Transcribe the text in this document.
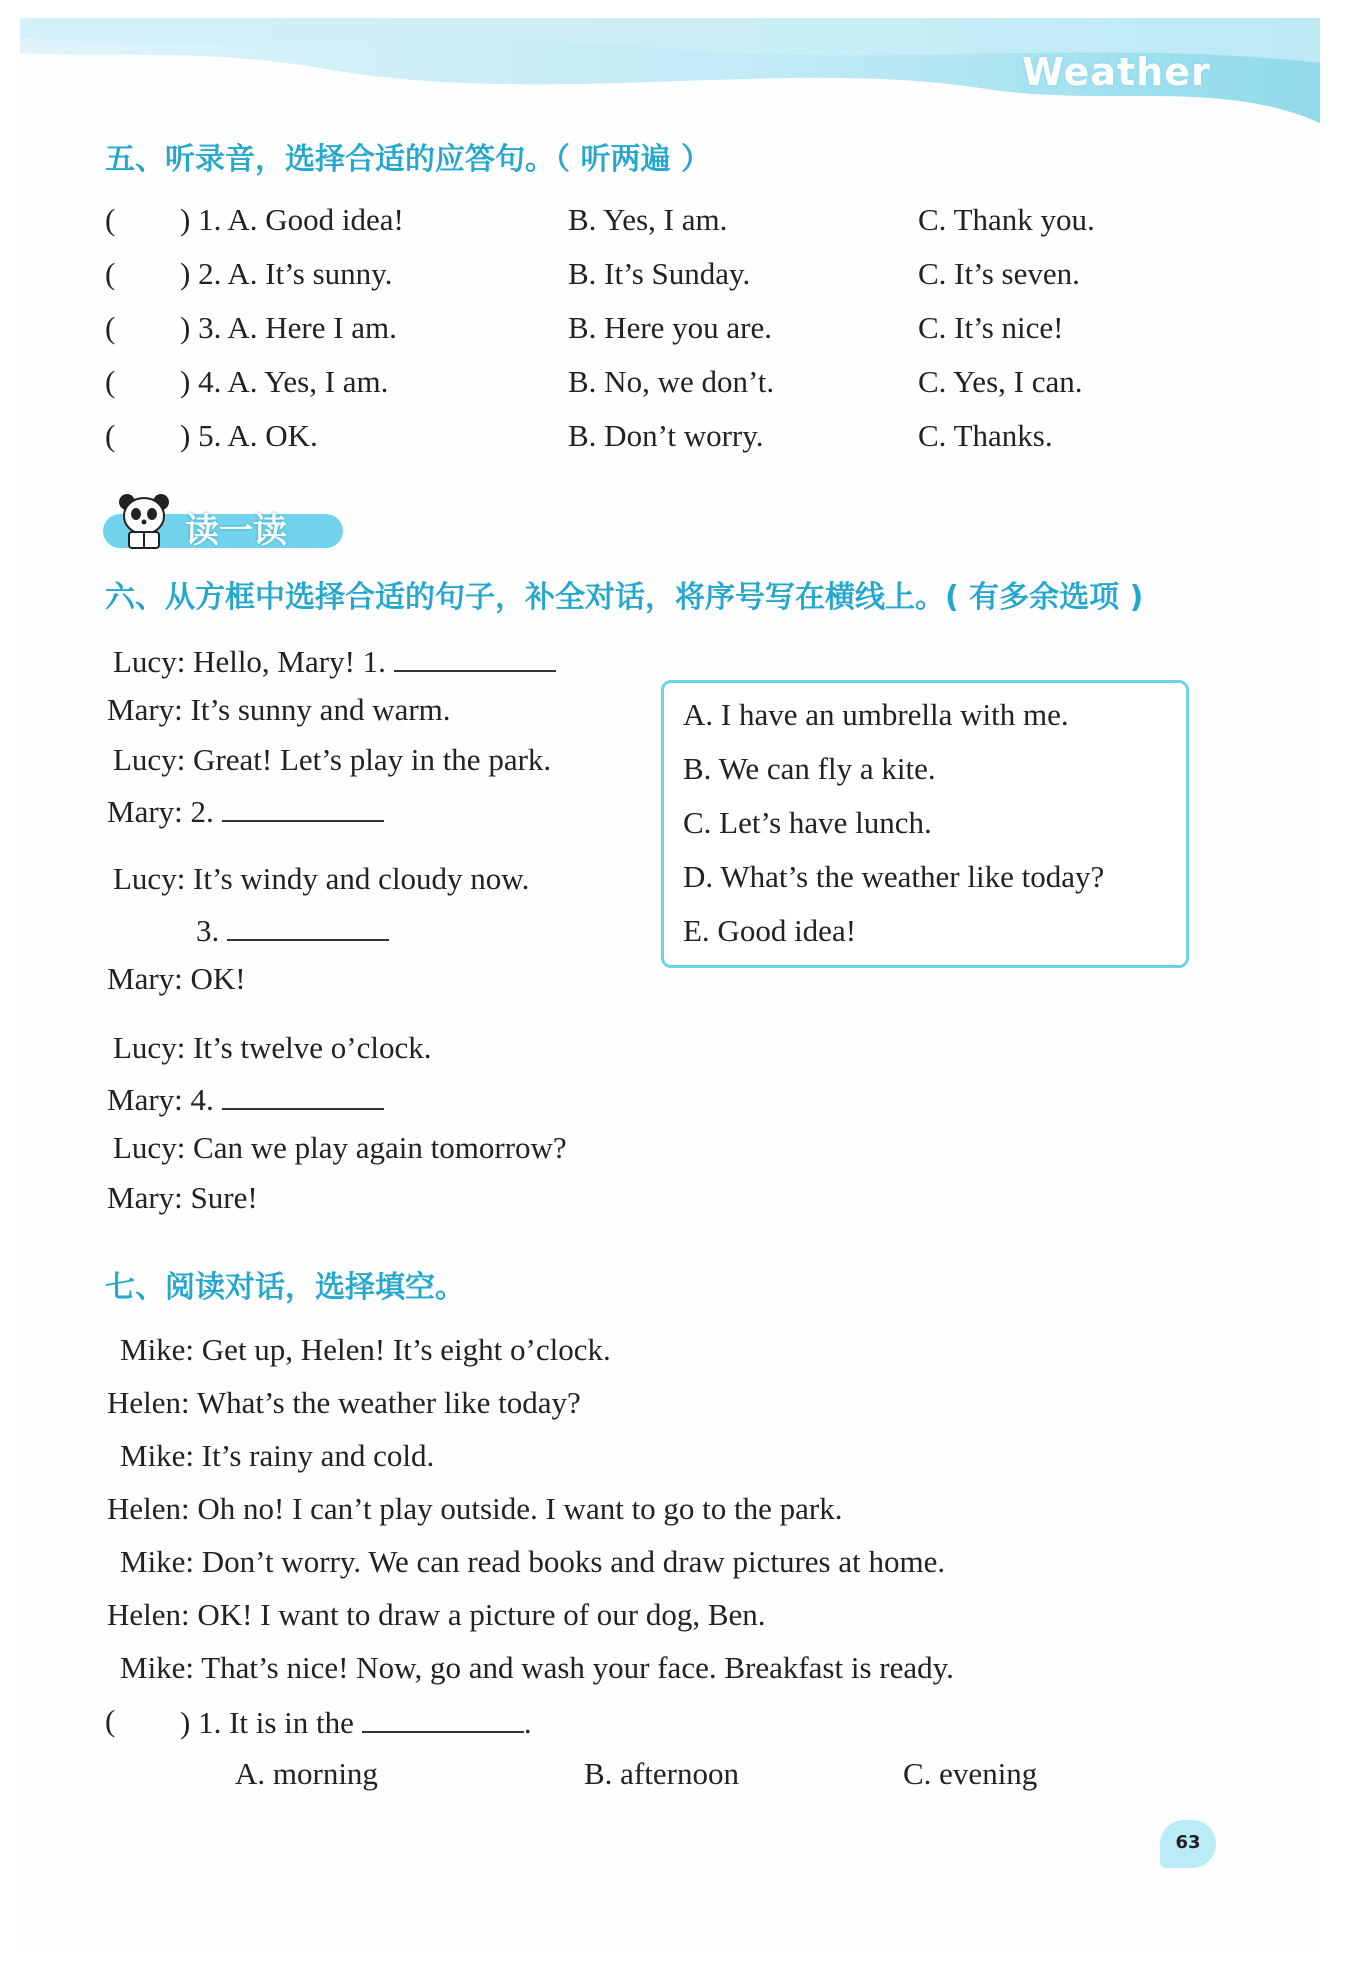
Weather
五、听录音，选择合适的应答句。（ 听两遍 ）
( ) 1. A. Good idea!	B. Yes, I am.	C. Thank you.
( ) 2. A. It’s sunny.	B. It’s Sunday.	C. It’s seven.
( ) 3. A. Here I am.	B. Here you are.	C. It’s nice!
( ) 4. A. Yes, I am.	B. No, we don’t.	C. Yes, I can.
( ) 5. A. OK.	B. Don’t worry.	C. Thanks.
读一读
六、从方框中选择合适的句子，补全对话，将序号写在横线上。( 有多余选项 )
Lucy: Hello, Mary! 1.
Mary: It’s sunny and warm.
Lucy: Great! Let’s play in the park.
Mary: 2.
Lucy: It’s windy and cloudy now.
3.
Mary: OK!
Lucy: It’s twelve o’clock.
Mary: 4.
Lucy: Can we play again tomorrow?
Mary: Sure!
A. I have an umbrella with me.
B. We can fly a kite.
C. Let’s have lunch.
D. What’s the weather like today?
E. Good idea!
七、阅读对话，选择填空。
Mike: Get up, Helen! It’s eight o’clock.
Helen: What’s the weather like today?
Mike: It’s rainy and cold.
Helen: Oh no! I can’t play outside. I want to go to the park.
Mike: Don’t worry. We can read books and draw pictures at home.
Helen: OK! I want to draw a picture of our dog, Ben.
Mike: That’s nice! Now, go and wash your face. Breakfast is ready.
( ) 1. It is in the	.
A. morning	B. afternoon	C. evening
63
